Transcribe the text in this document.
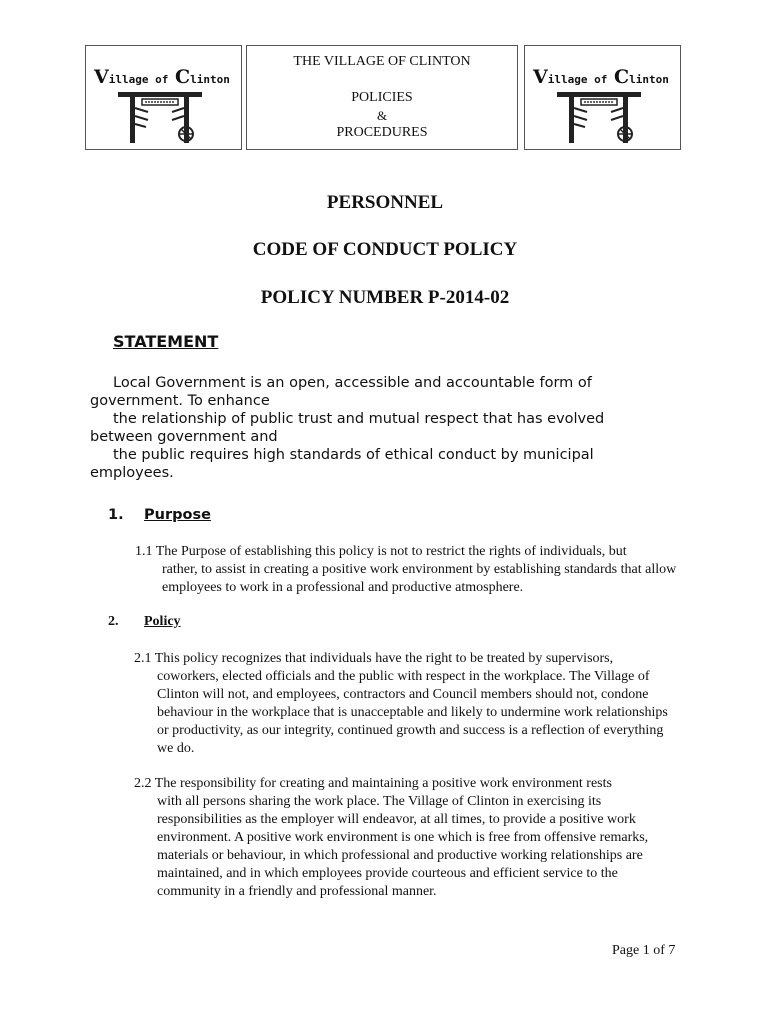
Village of Clinton
THE VILLAGE OF CLINTON
POLICIES
&
PROCEDURES
Village of Clinton
PERSONNEL
CODE OF CONDUCT POLICY
POLICY NUMBER P-2014-02
STATEMENT
Local Government is an open, accessible and accountable form of
government. To enhance
the relationship of public trust and mutual respect that has evolved
between government and
the public requires high standards of ethical conduct by municipal
employees.
1. Purpose
1.1 The Purpose of establishing this policy is not to restrict the rights of individuals, but
rather, to assist in creating a positive work environment by establishing standards that allow employees to work in a professional and productive atmosphere.
2. Policy
2.1 This policy recognizes that individuals have the right to be treated by supervisors,
coworkers, elected officials and the public with respect in the workplace. The Village of Clinton will not, and employees, contractors and Council members should not, condone behaviour in the workplace that is unacceptable and likely to undermine work relationships or productivity, as our integrity, continued growth and success is a reflection of everything we do.
2.2 The responsibility for creating and maintaining a positive work environment rests
with all persons sharing the work place. The Village of Clinton in exercising its responsibilities as the employer will endeavor, at all times, to provide a positive work environment. A positive work environment is one which is free from offensive remarks, materials or behaviour, in which professional and productive working relationships are maintained, and in which employees provide courteous and efficient service to the community in a friendly and professional manner.
Page 1 of 7
